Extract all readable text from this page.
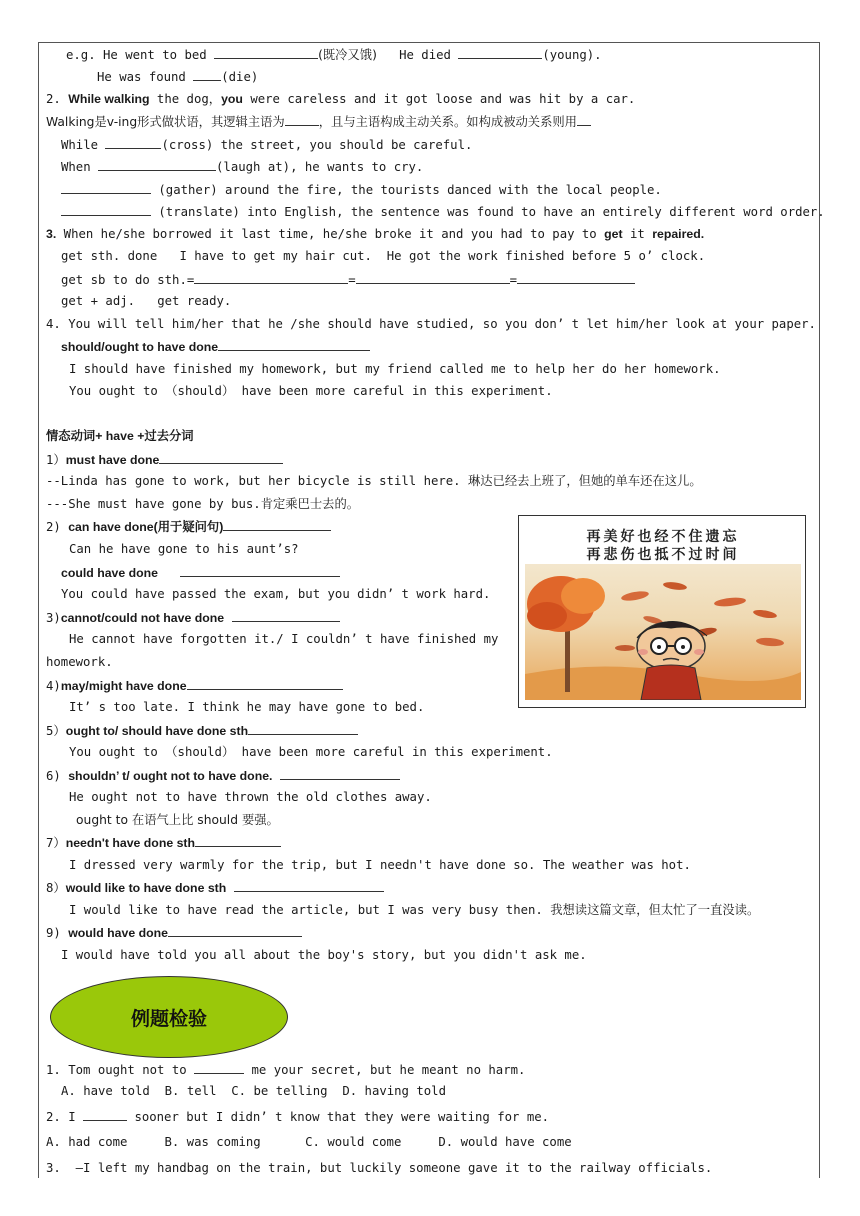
e.g. He went to bed	(既冷又饿) He died	(young).
He was found	(die)
2. While walking the dog，you were careless and it got loose and was hit by a car.
Walking是v-ing形式做状语，其逻辑主语为	，且与主语构成主动关系。如构成被动关系则用
While	(cross) the street, you should be careful.
When	(laugh at), he wants to cry.
(gather) around the fire, the tourists danced with the local people.
(translate) into English, the sentence was found to have an entirely different word order.
3. When he/she borrowed it last time, he/she broke it and you had to pay to get it repaired.
get sth. done   I have to get my hair cut.  He got the work finished before 5 o’ clock.
get sb to do sth.=	=	=
get + adj.   get ready.
4. You will tell him/her that he /she should have studied, so you don’ t let him/her look at your paper.
should/ought to have done
I should have finished my homework, but my friend called me to help her do her homework.
You ought to （should） have been more careful in this experiment.
情态动词+ have +过去分词
1）must have done
--Linda has gone to work, but her bicycle is still here. 琳达已经去上班了，但她的单车还在这儿。
---She must have gone by bus.肯定乘巴士去的。
2) can have done(用于疑问句)
Can he have gone to his aunt’s?
could have done
You could have passed the exam, but you didn’ t work hard.
3)cannot/could not have done
He cannot have forgotten it./ I couldn’ t have finished my
homework.
4)may/might have done
It’ s too late. I think he may have gone to bed.
5）ought to/ should have done sth
You ought to （should） have been more careful in this experiment.
6) shouldn’ t/ ought not to have done.
He ought not to have thrown the old clothes away.
ought to 在语气上比 should 要强。
7）needn't have done sth
I dressed very warmly for the trip, but I needn't have done so. The weather was hot.
8）would like to have done sth
I would like to have read the article, but I was very busy then. 我想读这篇文章，但太忙了一直没读。
9) would have done
I would have told you all about the boy's story, but you didn't ask me.
再美好也经不住遗忘
再悲伤也抵不过时间
例题检验
1. Tom ought not to	me your secret, but he meant no harm.
A. have told  B. tell  C. be telling  D. having told
2. I	sooner but I didn’ t know that they were waiting for me.
A. had come     B. was coming      C. would come     D. would have come
3.  —I left my handbag on the train, but luckily someone gave it to the railway officials.
